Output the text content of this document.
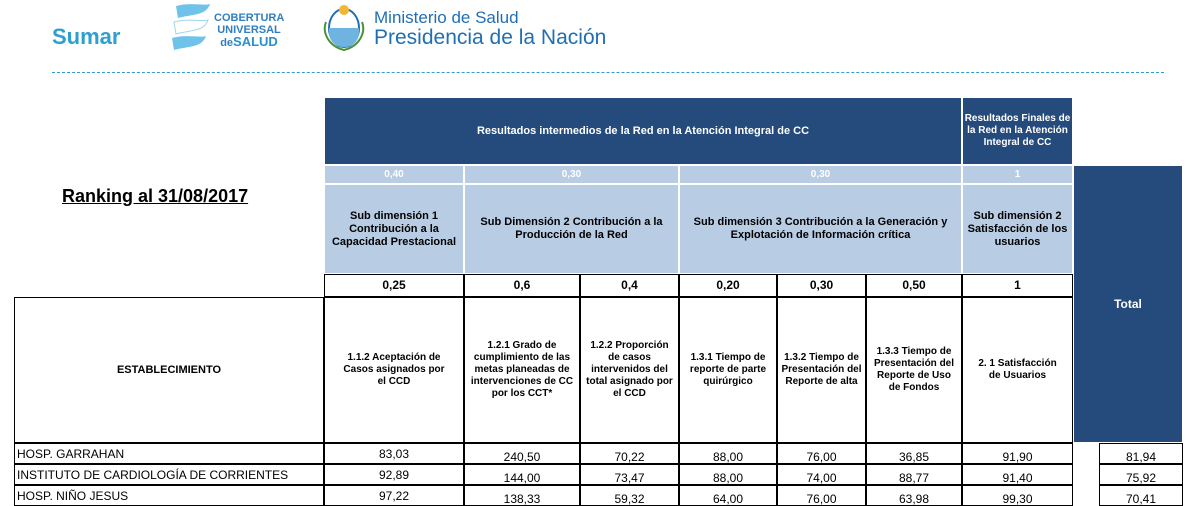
Sumar
COBERTURA
UNIVERSAL
deSALUD
Ministerio de Salud
Presidencia de la Nación
Ranking al 31/08/2017
Resultados intermedios de la Red en la Atención Integral de CC
Resultados Finales de la Red en la Atención Integral de CC
0,40	0,30	0,30	1
Sub dimensión 1 Contribución a la Capacidad Prestacional
Sub Dimensión 2 Contribución a la Producción de la Red
Sub dimensión 3 Contribución a la Generación y Explotación de Información crítica
Sub dimensión 2 Satisfacción de los usuarios
Total
0,25	0,6	0,4	0,20	0,30	0,50	1
ESTABLECIMIENTO
1.1.2 Aceptación de Casos asignados por el CCD
1.2.1 Grado de cumplimiento de las metas planeadas de intervenciones de CC por los CCT*
1.2.2 Proporción de casos intervenidos del total asignado por el CCD
1.3.1 Tiempo de reporte de parte quirúrgico
1.3.2 Tiempo de Presentación del Reporte de alta
1.3.3 Tiempo de Presentación del Reporte de Uso de Fondos
2. 1 Satisfacción de Usuarios
HOSP. GARRAHAN	83,03	240,50	70,22	88,00	76,00	36,85	91,90	81,94
INSTITUTO DE CARDIOLOGÍA DE CORRIENTES	92,89	144,00	73,47	88,00	74,00	88,77	91,40	75,92
HOSP. NIÑO JESUS	97,22	138,33	59,32	64,00	76,00	63,98	99,30	70,41
